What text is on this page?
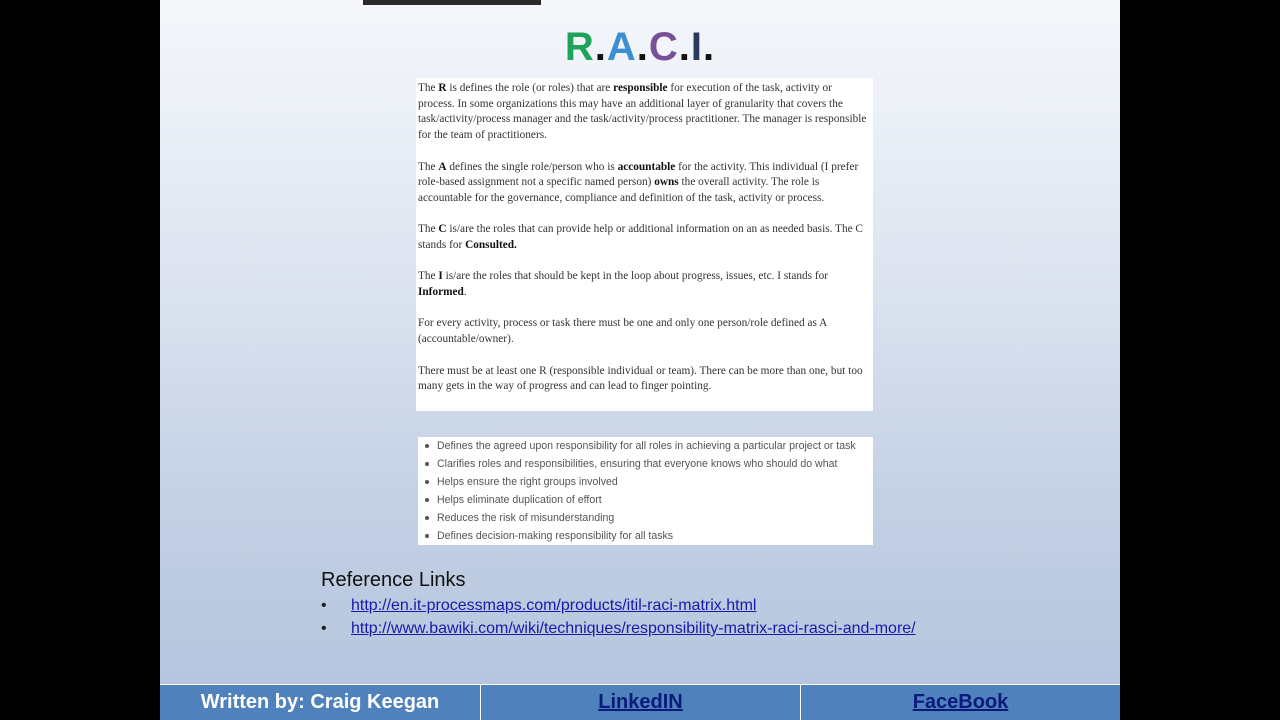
R.A.C.I.

The R is defines the role (or roles) that are responsible for execution of the task, activity or process. In some organizations this may have an additional layer of granularity that covers the task/activity/process manager and the task/activity/process practitioner. The manager is responsible for the team of practitioners.

The A defines the single role/person who is accountable for the activity. This individual (I prefer role-based assignment not a specific named person) owns the overall activity. The role is accountable for the governance, compliance and definition of the task, activity or process.

The C is/are the roles that can provide help or additional information on an as needed basis. The C stands for Consulted.

The I is/are the roles that should be kept in the loop about progress, issues, etc. I stands for Informed.

For every activity, process or task there must be one and only one person/role defined as A (accountable/owner).

There must be at least one R (responsible individual or team). There can be more than one, but too many gets in the way of progress and can lead to finger pointing.

Defines the agreed upon responsibility for all roles in achieving a particular project or task
Clarifies roles and responsibilities, ensuring that everyone knows who should do what
Helps ensure the right groups involved
Helps eliminate duplication of effort
Reduces the risk of misunderstanding
Defines decision-making responsibility for all tasks
Reference Links
• http://en.it-processmaps.com/products/itil-raci-matrix.html
• http://www.bawiki.com/wiki/techniques/responsibility-matrix-raci-rasci-and-more/
Written by: Craig Keegan	LinkedIN	FaceBook
